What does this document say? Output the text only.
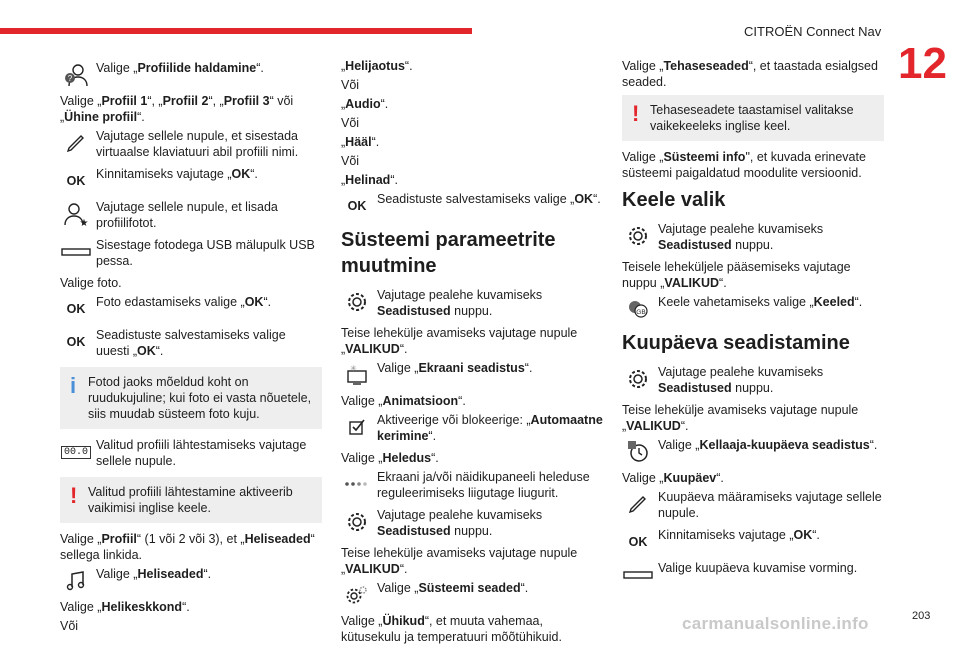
CITROËN Connect Nav
12
?

Valige „Profiilide haldamine“.

Valige „Profiil 1“, „Profiil 2“, „Profiil 3“ või „Ühine profiil“.

Vajutage sellele nupule, et sisestada virtuaalse klaviatuuri abil profiili nimi.

OK Kinnitamiseks vajutage „OK“.

★

Vajutage sellele nupule, et lisada profiilifotot.

Sisestage fotodega USB mälupulk USB pessa.

Valige foto.

OK Foto edastamiseks valige „OK“.

OK Seadistuste salvestamiseks valige uuesti „OK“.

i Fotod jaoks mõeldud koht on ruudukujuline; kui foto ei vasta nõuetele, siis muudab süsteem foto kuju.
00.0 Valitud profiili lähtestamiseks vajutage sellele nupule.

! Valitud profiili lähtestamine aktiveerib vaikimisi inglise keele.

Valige „Profiil“ (1 või 2 või 3), et „Heliseaded“ sellega linkida.

Valige „Heliseaded“.

Valige „Helikeskkond“.

Või

„Helijaotus“.

Või

„Audio“.

Või

„Hääl“.

Või

„Helinad“.

OK Seadistuste salvestamiseks valige „OK“.

Süsteemi parameetrite muutmine

Vajutage pealehe kuvamiseks Seadistused nuppu.

Teise lehekülje avamiseks vajutage nupule „VALIKUD“.

✳ Valige „Ekraani seadistus“.

Valige „Animatsioon“.

Aktiveerige või blokeerige: „Automaatne kerimine“.

Valige „Heledus“.

Ekraani ja/või näidikupaneeli heleduse reguleerimiseks liigutage liugurit.

Vajutage pealehe kuvamiseks Seadistused nuppu.

Teise lehekülje avamiseks vajutage nupule „VALIKUD“.

Valige „Süsteemi seaded“.

Valige „Ühikud“, et muuta vahemaa, kütusekulu ja temperatuuri mõõtühikuid.

Valige „Tehaseseaded“, et taastada esialgsed seaded.

! Tehaseseadete taastamisel valitakse vaikekeeleks inglise keel.

Valige „Süsteemi info", et kuvada erinevate süsteemi paigaldatud moodulite versioonid.

Keele valik

Vajutage pealehe kuvamiseks Seadistused nuppu.

Teisele leheküljele pääsemiseks vajutage nuppu „VALIKUD“.

GB

Keele vahetamiseks valige „Keeled“.

Kuupäeva seadistamine

Vajutage pealehe kuvamiseks Seadistused nuppu.

Teise lehekülje avamiseks vajutage nupule „VALIKUD“.

Valige „Kellaaja-kuupäeva seadistus“.

Valige „Kuupäev“.

Kuupäeva määramiseks vajutage sellele nupule.

OK Kinnitamiseks vajutage „OK“.

Valige kuupäeva kuvamise vorming.

203
carmanualsonline.info
